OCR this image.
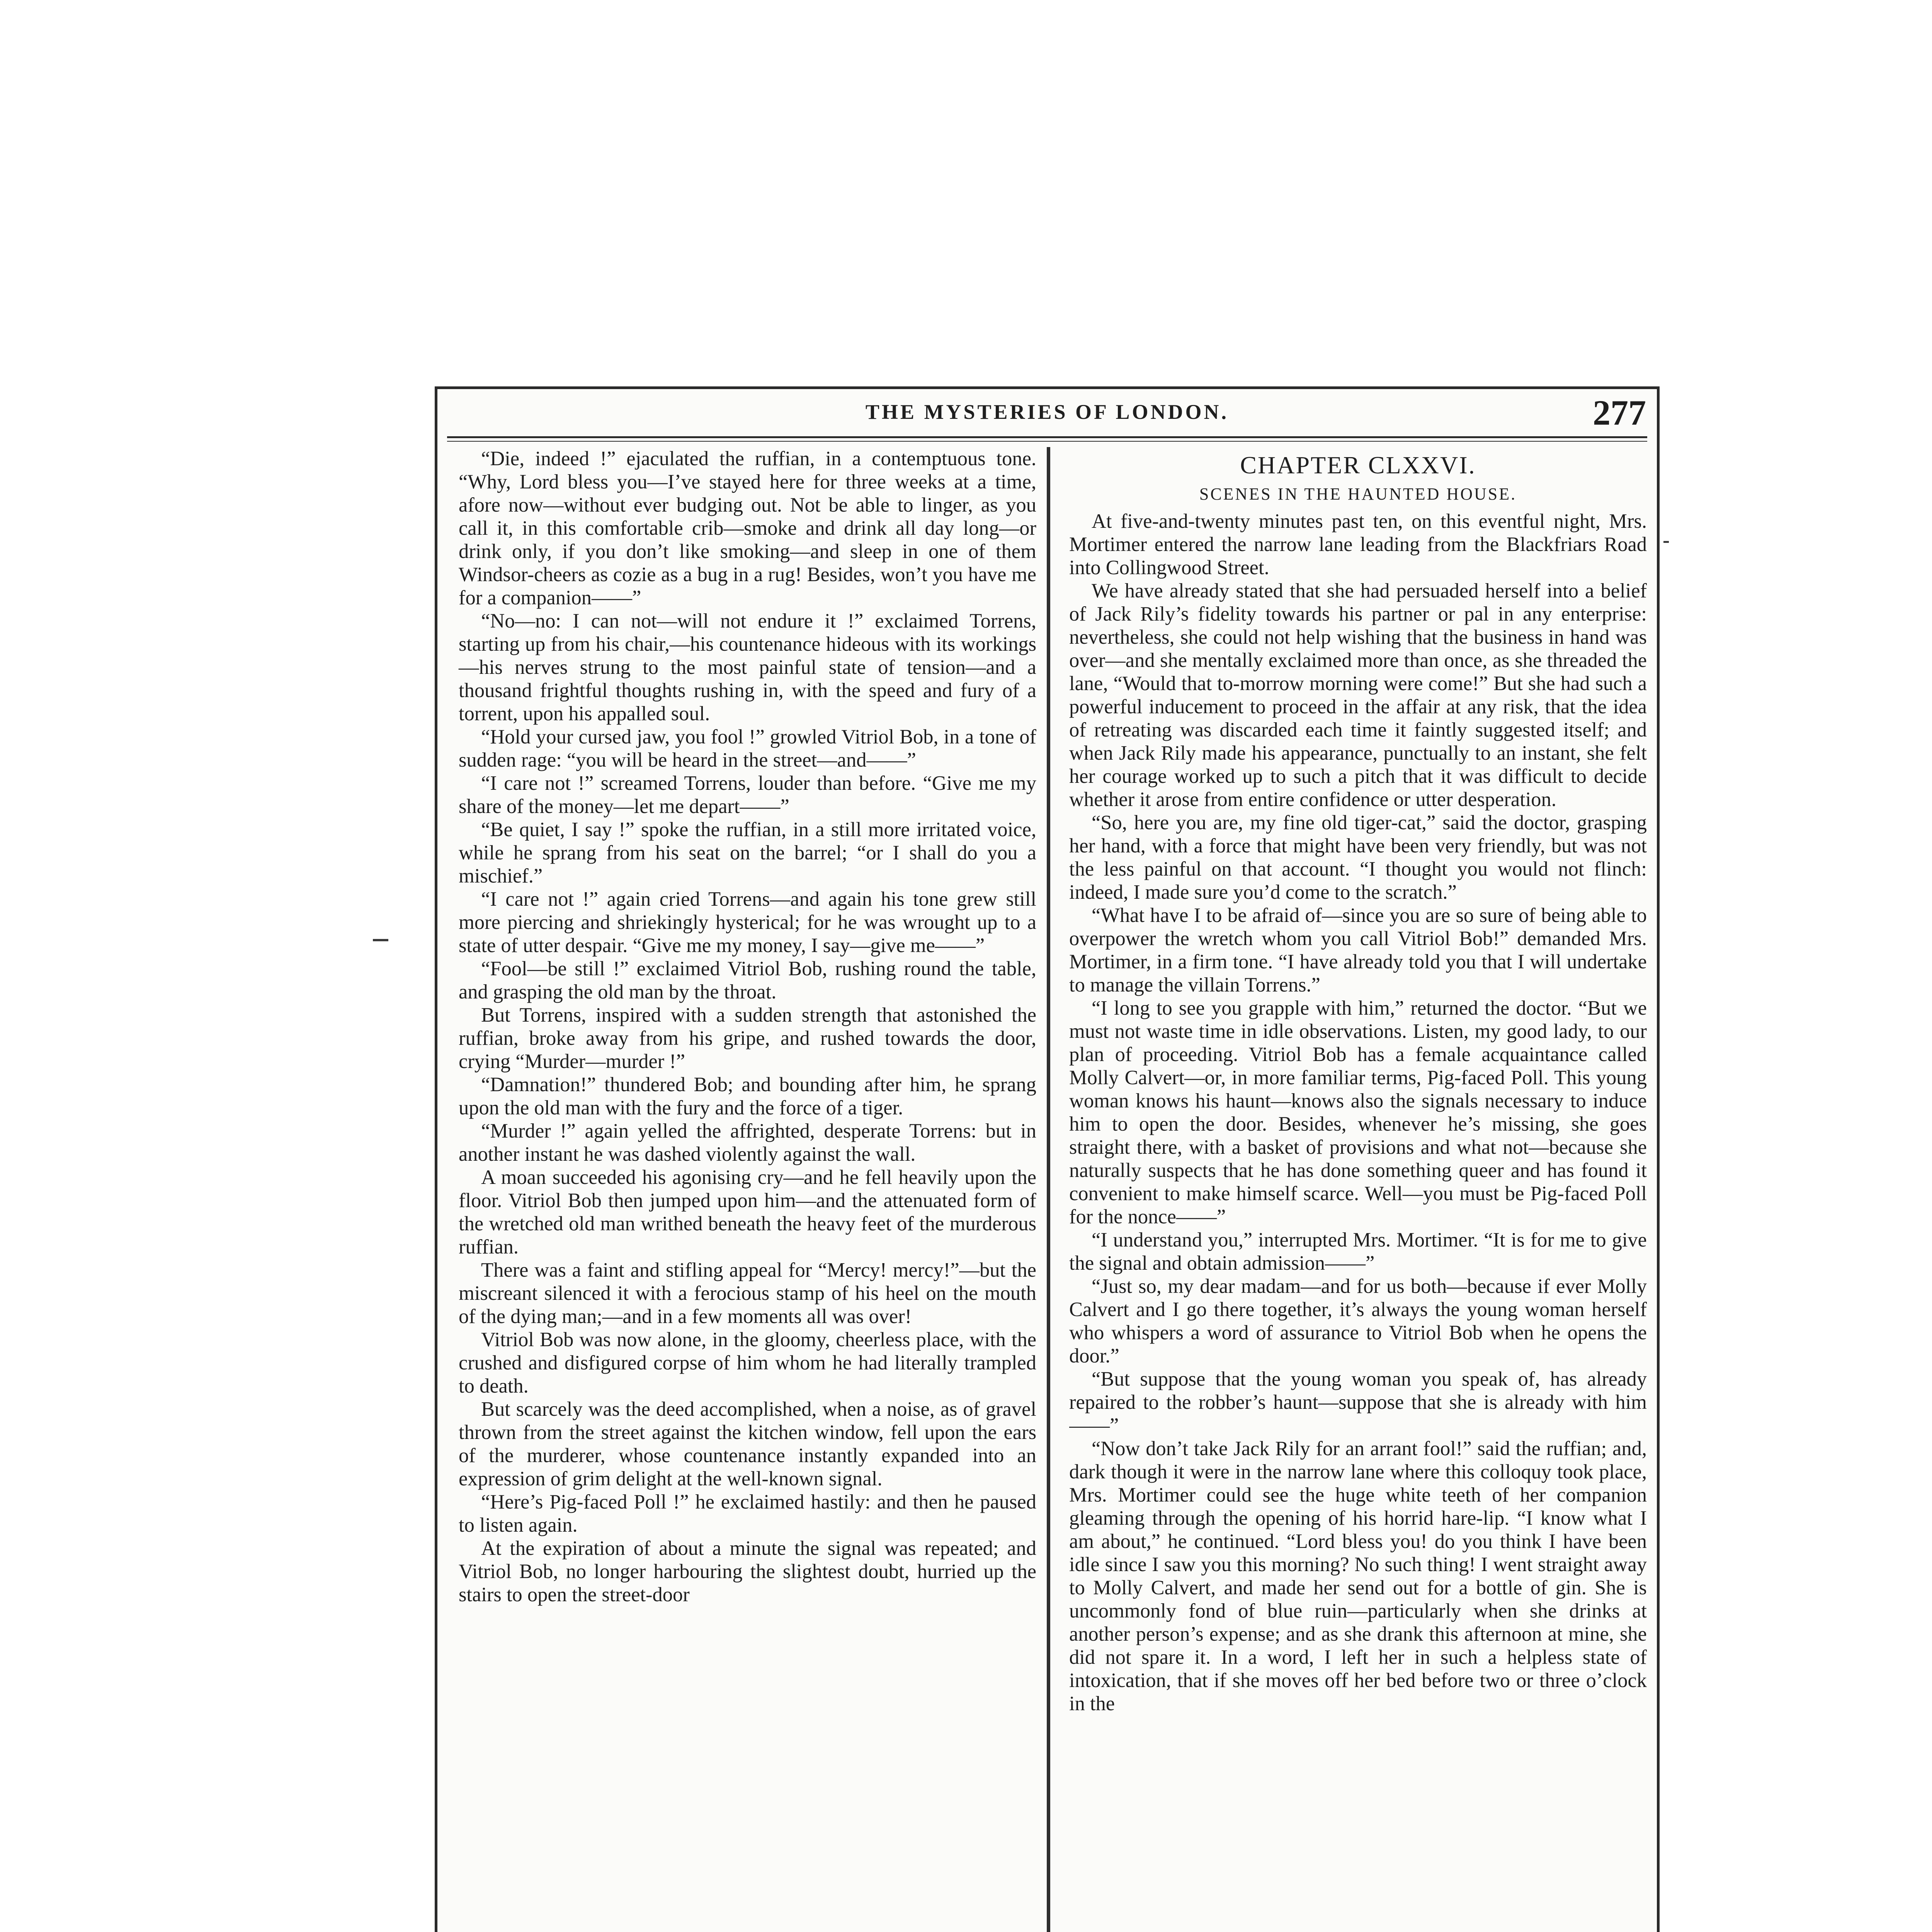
THE MYSTERIES OF LONDON.	277

“Die, indeed !” ejaculated the ruffian, in a contemptuous tone. “Why, Lord bless you—I’ve stayed here for three weeks at a time, afore now—without ever budging out. Not be able to linger, as you call it, in this comfortable crib—smoke and drink all day long—or drink only, if you don’t like smoking—and sleep in one of them Windsor-cheers as cozie as a bug in a rug! Besides, won’t you have me for a companion——”

“No—no: I can not—will not endure it !” exclaimed Torrens, starting up from his chair,—his countenance hideous with its workings—his nerves strung to the most painful state of tension—and a thousand frightful thoughts rushing in, with the speed and fury of a torrent, upon his appalled soul.

“Hold your cursed jaw, you fool !” growled Vitriol Bob, in a tone of sudden rage: “you will be heard in the street—and——”

“I care not !” screamed Torrens, louder than before. “Give me my share of the money—let me depart——”

“Be quiet, I say !” spoke the ruffian, in a still more irritated voice, while he sprang from his seat on the barrel; “or I shall do you a mischief.”

“I care not !” again cried Torrens—and again his tone grew still more piercing and shriekingly hysterical; for he was wrought up to a state of utter despair. “Give me my money, I say—give me——”

“Fool—be still !” exclaimed Vitriol Bob, rushing round the table, and grasping the old man by the throat.

But Torrens, inspired with a sudden strength that astonished the ruffian, broke away from his gripe, and rushed towards the door, crying “Murder—murder !”

“Damnation!” thundered Bob; and bounding after him, he sprang upon the old man with the fury and the force of a tiger.

“Murder !” again yelled the affrighted, desperate Torrens: but in another instant he was dashed violently against the wall.

A moan succeeded his agonising cry—and he fell heavily upon the floor. Vitriol Bob then jumped upon him—and the attenuated form of the wretched old man writhed beneath the heavy feet of the murderous ruffian.

There was a faint and stifling appeal for “Mercy! mercy!”—but the miscreant silenced it with a ferocious stamp of his heel on the mouth of the dying man;—and in a few moments all was over!

Vitriol Bob was now alone, in the gloomy, cheerless place, with the crushed and disfigured corpse of him whom he had literally trampled to death.

But scarcely was the deed accomplished, when a noise, as of gravel thrown from the street against the kitchen window, fell upon the ears of the murderer, whose countenance instantly expanded into an expression of grim delight at the well-known signal.

“Here’s Pig-faced Poll !” he exclaimed hastily: and then he paused to listen again.

At the expiration of about a minute the signal was repeated; and Vitriol Bob, no longer harbouring the slightest doubt, hurried up the stairs to open the street-door

CHAPTER CLXXVI.
SCENES IN THE HAUNTED HOUSE.

At five-and-twenty minutes past ten, on this eventful night, Mrs. Mortimer entered the narrow lane leading from the Blackfriars Road into Collingwood Street.

We have already stated that she had persuaded herself into a belief of Jack Rily’s fidelity towards his partner or pal in any enterprise: nevertheless, she could not help wishing that the business in hand was over—and she mentally exclaimed more than once, as she threaded the lane, “Would that to-morrow morning were come!” But she had such a powerful inducement to proceed in the affair at any risk, that the idea of retreating was discarded each time it faintly suggested itself; and when Jack Rily made his appearance, punctually to an instant, she felt her courage worked up to such a pitch that it was difficult to decide whether it arose from entire confidence or utter desperation.

“So, here you are, my fine old tiger-cat,” said the doctor, grasping her hand, with a force that might have been very friendly, but was not the less painful on that account. “I thought you would not flinch: indeed, I made sure you’d come to the scratch.”

“What have I to be afraid of—since you are so sure of being able to overpower the wretch whom you call Vitriol Bob!” demanded Mrs. Mortimer, in a firm tone. “I have already told you that I will undertake to manage the villain Torrens.”

“I long to see you grapple with him,” returned the doctor. “But we must not waste time in idle observations. Listen, my good lady, to our plan of proceeding. Vitriol Bob has a female acquaintance called Molly Calvert—or, in more familiar terms, Pig-faced Poll. This young woman knows his haunt—knows also the signals necessary to induce him to open the door. Besides, whenever he’s missing, she goes straight there, with a basket of provisions and what not—because she naturally suspects that he has done something queer and has found it convenient to make himself scarce. Well—you must be Pig-faced Poll for the nonce——”

“I understand you,” interrupted Mrs. Mortimer. “It is for me to give the signal and obtain admission——”

“Just so, my dear madam—and for us both—because if ever Molly Calvert and I go there together, it’s always the young woman herself who whispers a word of assurance to Vitriol Bob when he opens the door.”

“But suppose that the young woman you speak of, has already repaired to the robber’s haunt—suppose that she is already with him——”

“Now don’t take Jack Rily for an arrant fool!” said the ruffian; and, dark though it were in the narrow lane where this colloquy took place, Mrs. Mortimer could see the huge white teeth of her companion gleaming through the opening of his horrid hare-lip. “I know what I am about,” he continued. “Lord bless you! do you think I have been idle since I saw you this morning? No such thing! I went straight away to Molly Calvert, and made her send out for a bottle of gin. She is uncommonly fond of blue ruin—particularly when she drinks at another person’s expense; and as she drank this afternoon at mine, she did not spare it. In a word, I left her in such a helpless state of intoxication, that if she moves off her bed before two or three o’clock in the
